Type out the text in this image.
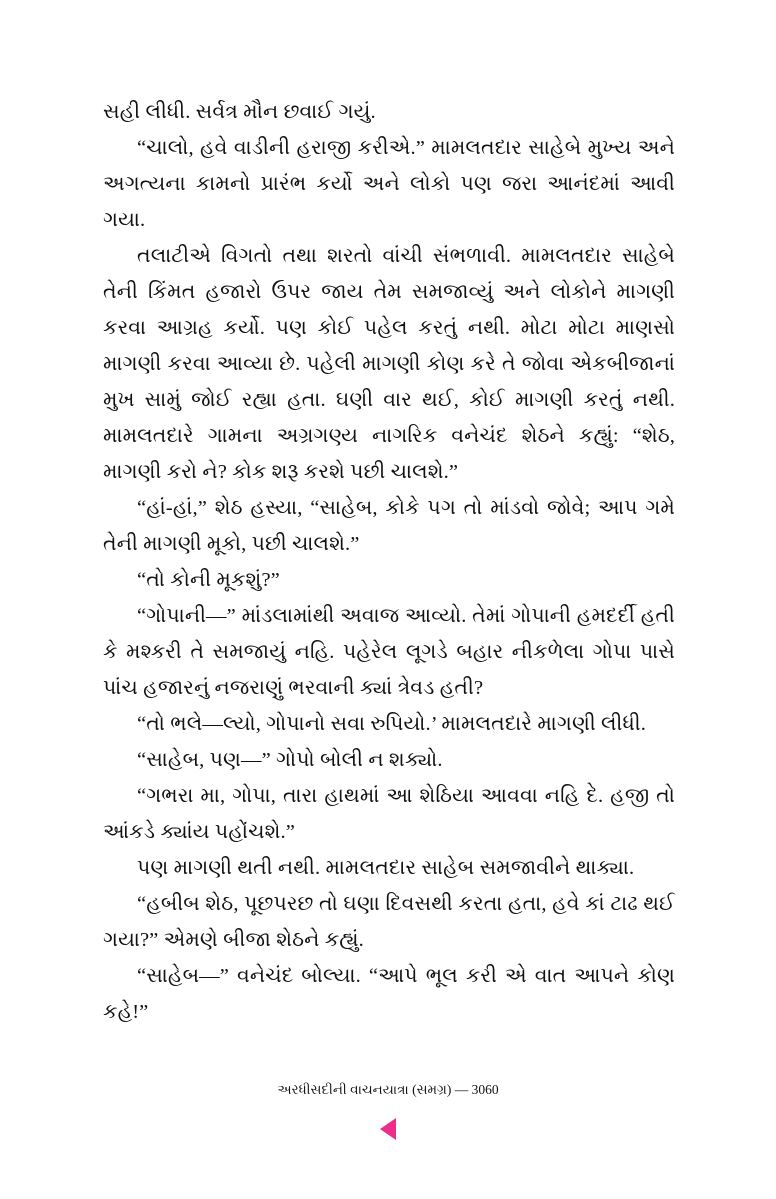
સહી લીધી. સર્વત્ર મૌન છવાઈ ગયું.

“ચાલો, હવે વાડીની હરાજી કરીએ.” મામલતદાર સાહેબે મુખ્ય અને અગત્યના કામનો પ્રારંભ કર્યો અને લોકો પણ જરા આનંદમાં આવી ગયા.

તલાટીએ વિગતો તથા શરતો વાંચી સંભળાવી. મામલતદાર સાહેબે તેની કિંમત હજારો ઉપર જાય તેમ સમજાવ્યું અને લોકોને માગણી કરવા આગ્રહ કર્યો. પણ કોઈ પહેલ કરતું નથી. મોટા મોટા માણસો માગણી કરવા આવ્યા છે. પહેલી માગણી કોણ કરે તે જોવા એકબીજાનાં મુખ સામું જોઈ રહ્યા હતા. ઘણી વાર થઈ, કોઈ માગણી કરતું નથી. મામલતદારે ગામના અગ્રગણ્ય નાગરિક વનેચંદ શેઠને કહ્યું: “શેઠ, માગણી કરો ને? કોક શરૂ કરશે પછી ચાલશે.”

“હાં-હાં,” શેઠ હસ્યા, “સાહેબ, કોકે પગ તો માંડવો જોવે; આપ ગમે તેની માગણી મૂકો, પછી ચાલશે.”

“તો કોની મૂકશું?”

“ગોપાની—” માંડલામાંથી અવાજ આવ્યો. તેમાં ગોપાની હમદર્દી હતી કે મશ્કરી તે સમજાયું નહિ. પહેરેલ લૂગડે બહાર નીકળેલા ગોપા પાસે પાંચ હજારનું નજરાણું ભરવાની ક્યાં ત્રેવડ હતી?

“તો ભલે—લ્યો, ગોપાનો સવા રુપિયો.’ મામલતદારે માગણી લીધી.

“સાહેબ, પણ—” ગોપો બોલી ન શક્યો.

“ગભરા મા, ગોપા, તારા હાથમાં આ શેઠિયા આવવા નહિ દે. હજી તો આંકડે ક્યાંય પહોંચશે.”

પણ માગણી થતી નથી. મામલતદાર સાહેબ સમજાવીને થાક્યા.

“હબીબ શેઠ, પૂછપરછ તો ઘણા દિવસથી કરતા હતા, હવે કાં ટાઢ થઈ ગયા?” એમણે બીજા શેઠને કહ્યું.

“સાહેબ—” વનેચંદ બોલ્યા. “આપે ભૂલ કરી એ વાત આપને કોણ કહે!”

અરધીસદીની વાચનયાત્રા (સમગ્ર) — 3060
